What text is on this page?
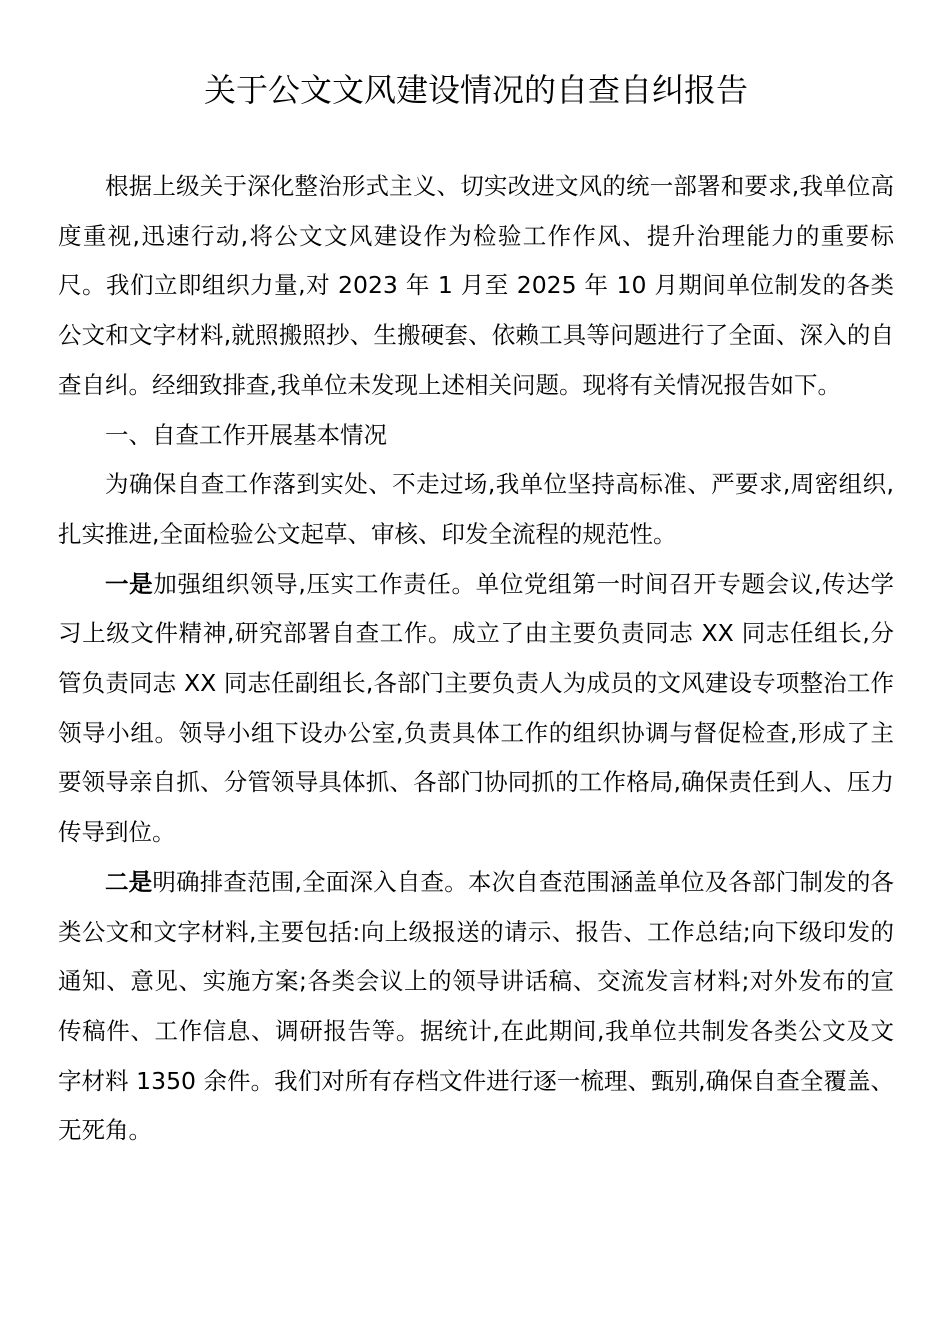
关于公文文风建设情况的自查自纠报告

根据上级关于深化整治形式主义、切实改进文风的统一部署和要求,我单位高度重视,迅速行动,将公文文风建设作为检验工作作风、提升治理能力的重要标尺。我们立即组织力量,对 2023 年 1 月至 2025 年 10 月期间单位制发的各类公文和文字材料,就照搬照抄、生搬硬套、依赖工具等问题进行了全面、深入的自查自纠。经细致排查,我单位未发现上述相关问题。现将有关情况报告如下。

一、自查工作开展基本情况

为确保自查工作落到实处、不走过场,我单位坚持高标准、严要求,周密组织,扎实推进,全面检验公文起草、审核、印发全流程的规范性。

一是加强组织领导,压实工作责任。单位党组第一时间召开专题会议,传达学习上级文件精神,研究部署自查工作。成立了由主要负责同志 XX 同志任组长,分管负责同志 XX 同志任副组长,各部门主要负责人为成员的文风建设专项整治工作领导小组。领导小组下设办公室,负责具体工作的组织协调与督促检查,形成了主要领导亲自抓、分管领导具体抓、各部门协同抓的工作格局,确保责任到人、压力传导到位。

二是明确排查范围,全面深入自查。本次自查范围涵盖单位及各部门制发的各类公文和文字材料,主要包括:向上级报送的请示、报告、工作总结;向下级印发的通知、意见、实施方案;各类会议上的领导讲话稿、交流发言材料;对外发布的宣传稿件、工作信息、调研报告等。据统计,在此期间,我单位共制发各类公文及文字材料 1350 余件。我们对所有存档文件进行逐一梳理、甄别,确保自查全覆盖、无死角。
